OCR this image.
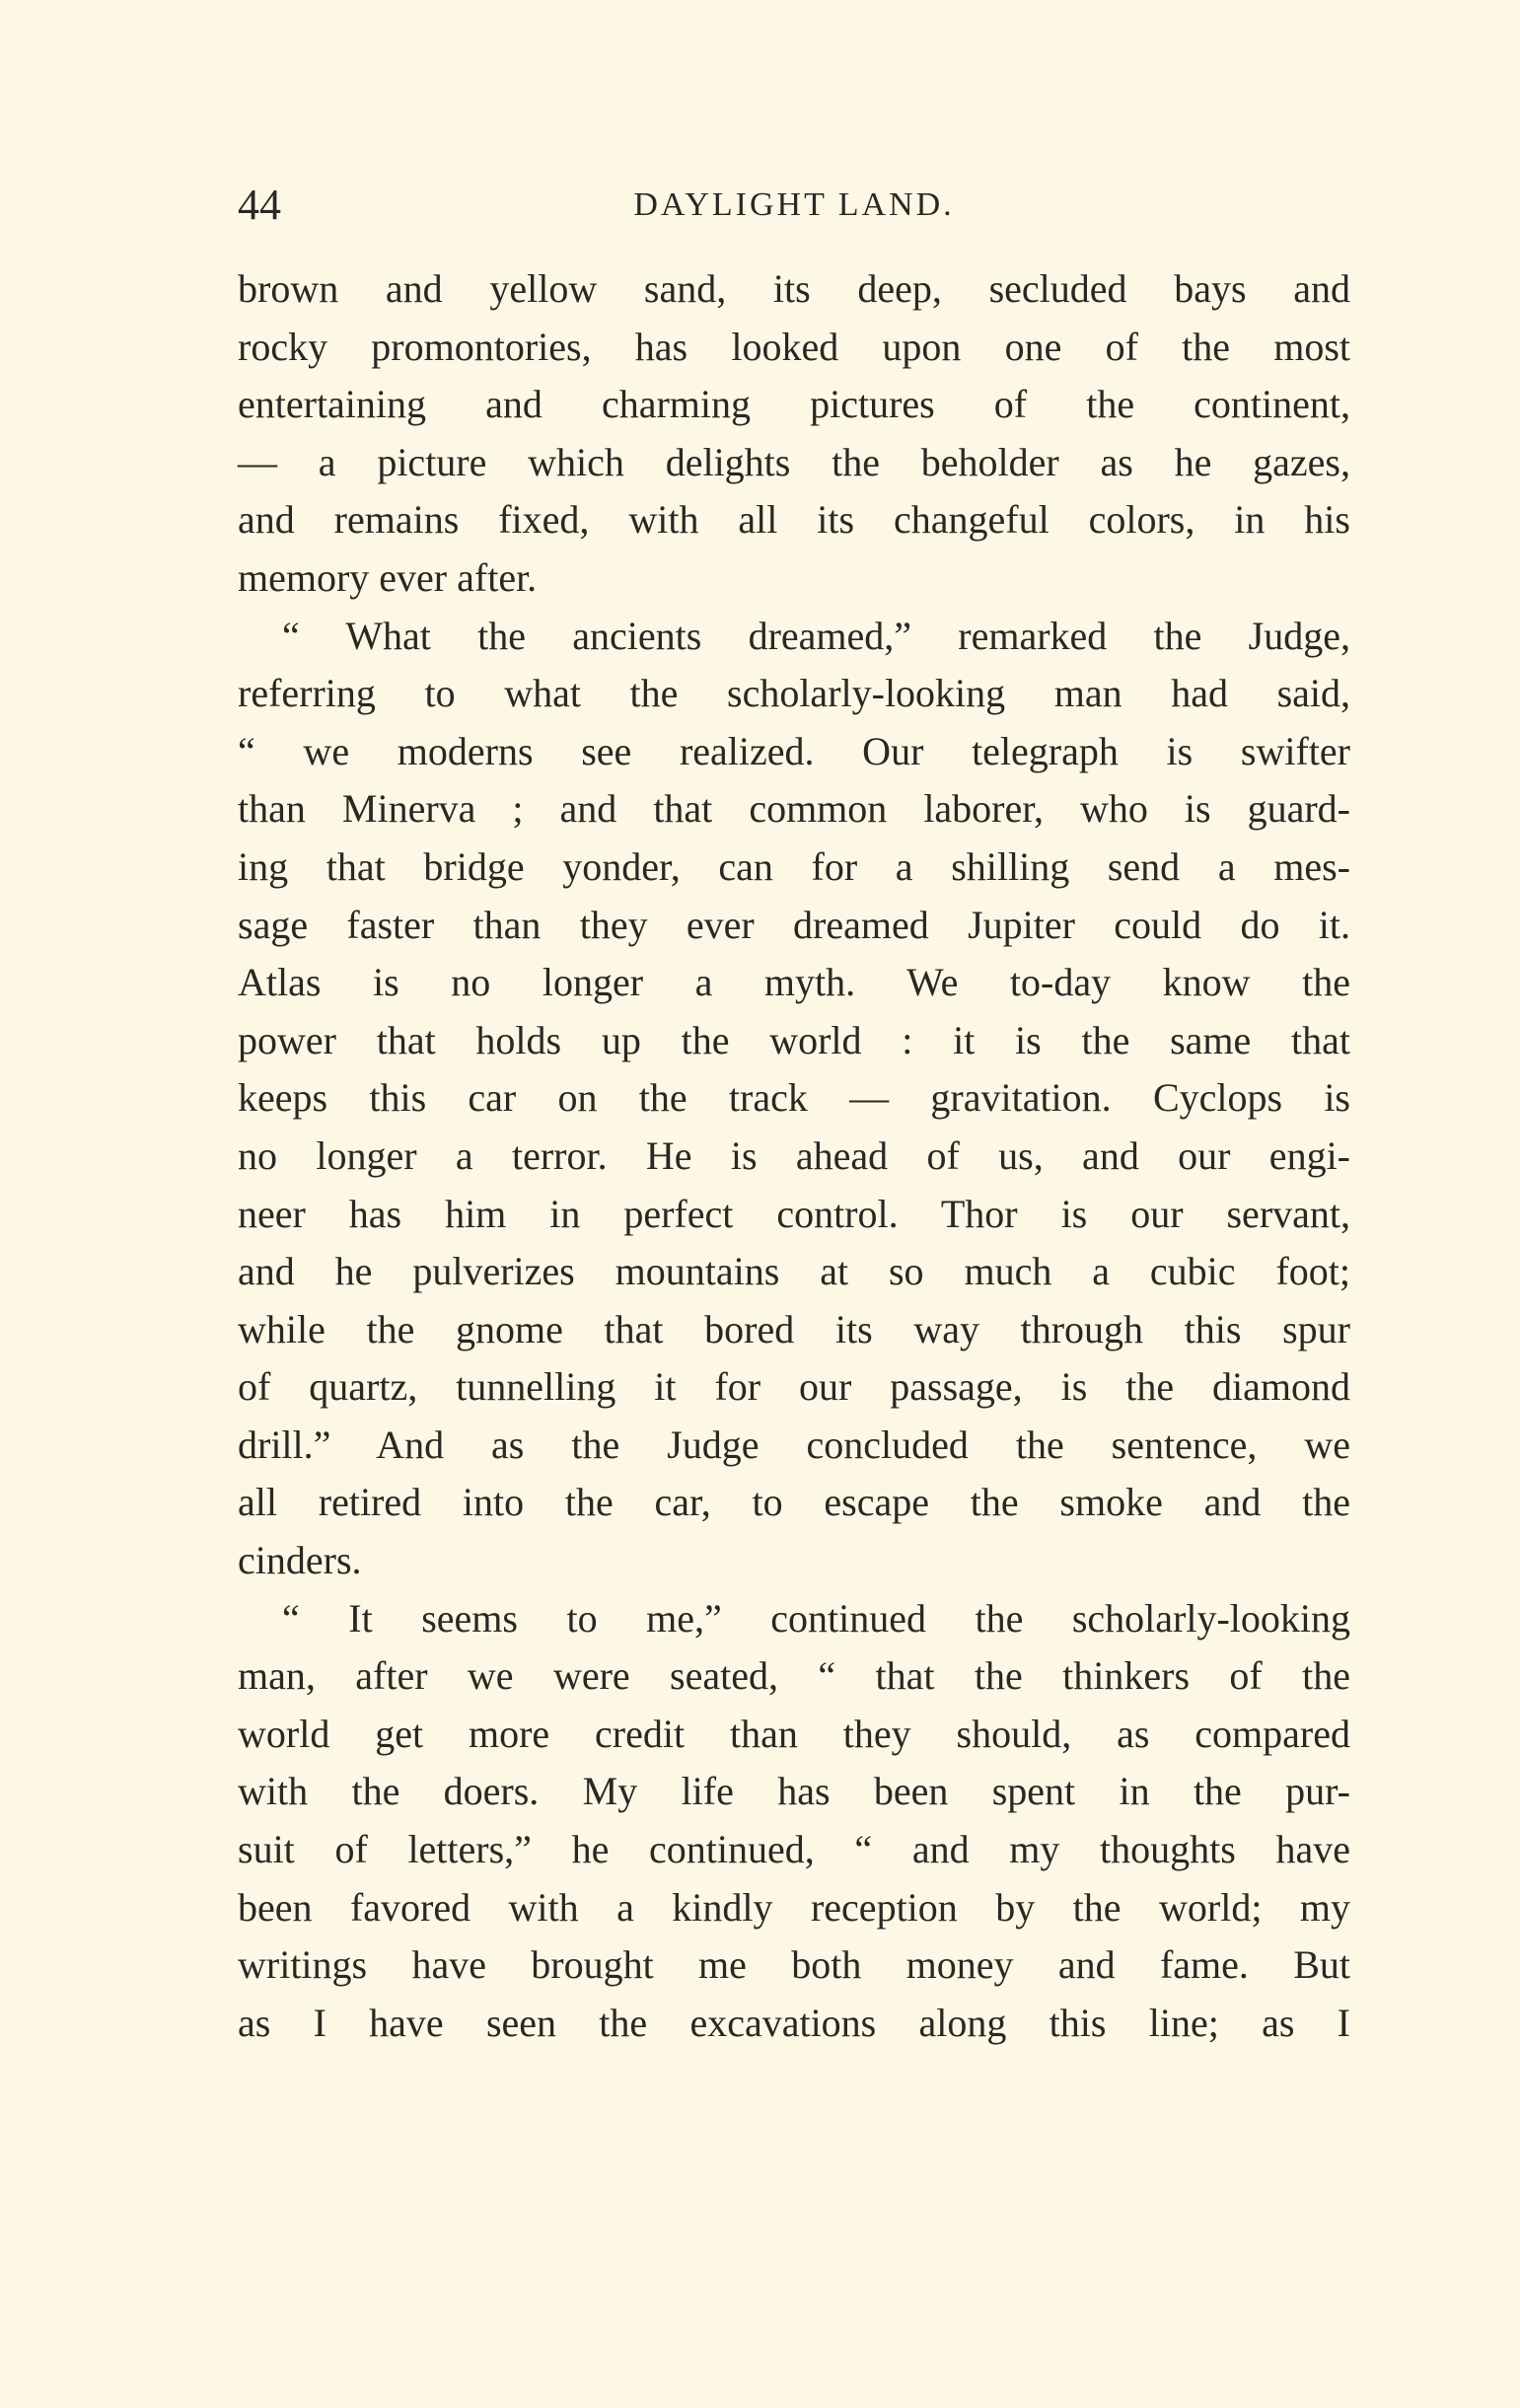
44	DAYLIGHT LAND.
brown and yellow sand, its deep, secluded bays and
rocky promontories, has looked upon one of the most
entertaining and charming pictures of the continent,
— a picture which delights the beholder as he gazes,
and remains fixed, with all its changeful colors, in his
memory ever after.
“ What the ancients dreamed,” remarked the Judge,
referring to what the scholarly-looking man had said,
“ we moderns see realized. Our telegraph is swifter
than Minerva ; and that common laborer, who is guard-
ing that bridge yonder, can for a shilling send a mes-
sage faster than they ever dreamed Jupiter could do it.
Atlas is no longer a myth. We to-day know the
power that holds up the world : it is the same that
keeps this car on the track — gravitation. Cyclops is
no longer a terror. He is ahead of us, and our engi-
neer has him in perfect control. Thor is our servant,
and he pulverizes mountains at so much a cubic foot;
while the gnome that bored its way through this spur
of quartz, tunnelling it for our passage, is the diamond
drill.” And as the Judge concluded the sentence, we
all retired into the car, to escape the smoke and the
cinders.
“ It seems to me,” continued the scholarly-looking
man, after we were seated, “ that the thinkers of the
world get more credit than they should, as compared
with the doers. My life has been spent in the pur-
suit of letters,” he continued, “ and my thoughts have
been favored with a kindly reception by the world; my
writings have brought me both money and fame. But
as I have seen the excavations along this line; as I
